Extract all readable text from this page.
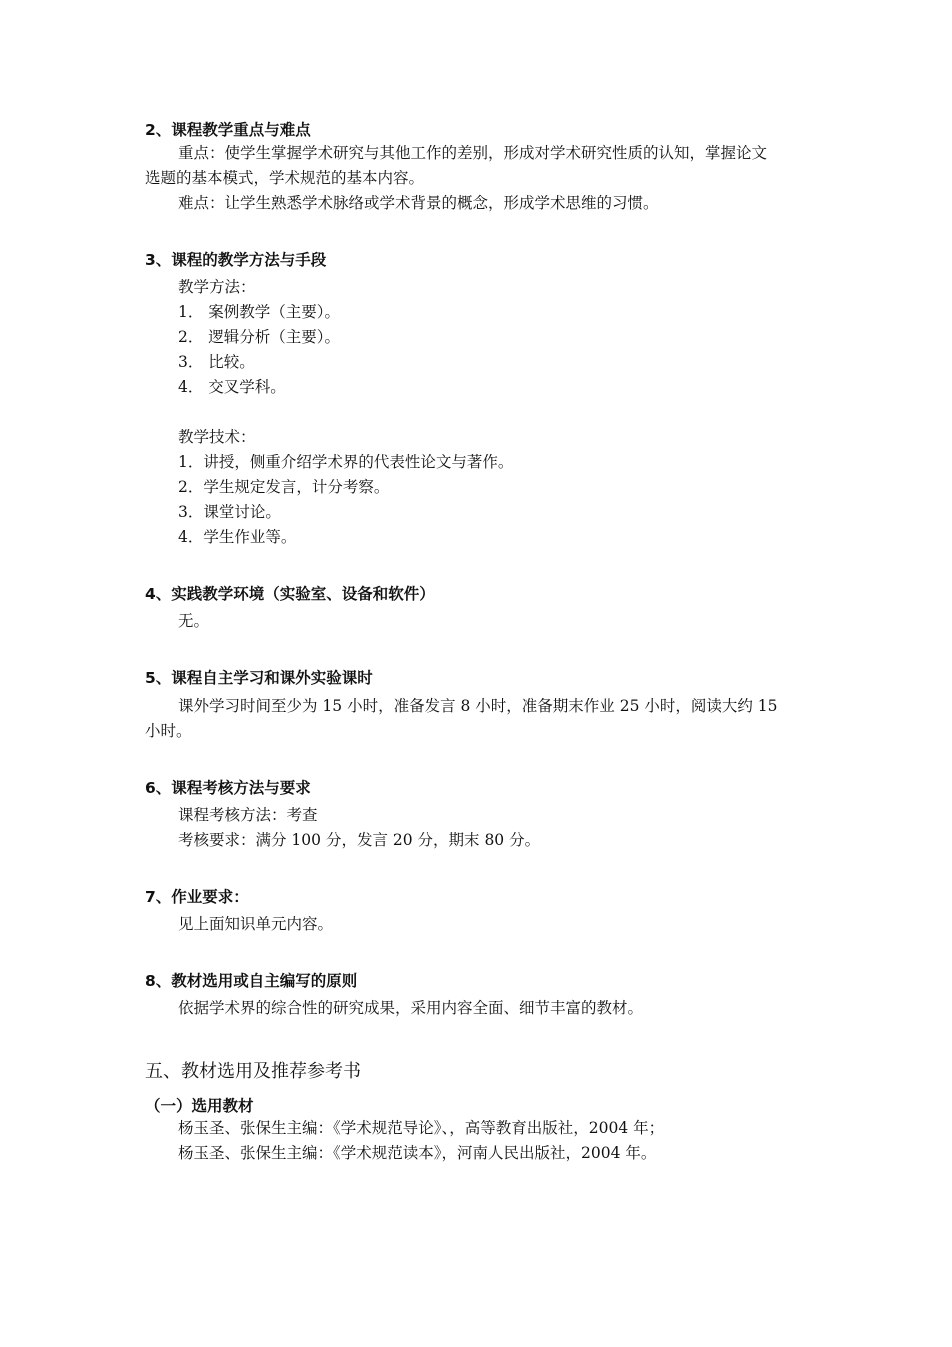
2、课程教学重点与难点
重点：使学生掌握学术研究与其他工作的差别，形成对学术研究性质的认知，掌握论文
选题的基本模式，学术规范的基本内容。
难点：让学生熟悉学术脉络或学术背景的概念，形成学术思维的习惯。
3、课程的教学方法与手段
教学方法：
1． 案例教学（主要）。
2． 逻辑分析（主要）。
3． 比较。
4． 交叉学科。
教学技术：
1．讲授，侧重介绍学术界的代表性论文与著作。
2．学生规定发言，计分考察。
3．课堂讨论。
4．学生作业等。
4、实践教学环境（实验室、设备和软件）
无。
5、课程自主学习和课外实验课时
课外学习时间至少为 15 小时，准备发言 8 小时，准备期末作业 25 小时，阅读大约 15
小时。
6、课程考核方法与要求
课程考核方法：考查
考核要求：满分 100 分，发言 20 分，期末 80 分。
7、作业要求：
见上面知识单元内容。
8、教材选用或自主编写的原则
依据学术界的综合性的研究成果，采用内容全面、细节丰富的教材。
五、教材选用及推荐参考书
（一）选用教材
杨玉圣、张保生主编：《学术规范导论》、，高等教育出版社，2004 年；
杨玉圣、张保生主编：《学术规范读本》，河南人民出版社，2004 年。
